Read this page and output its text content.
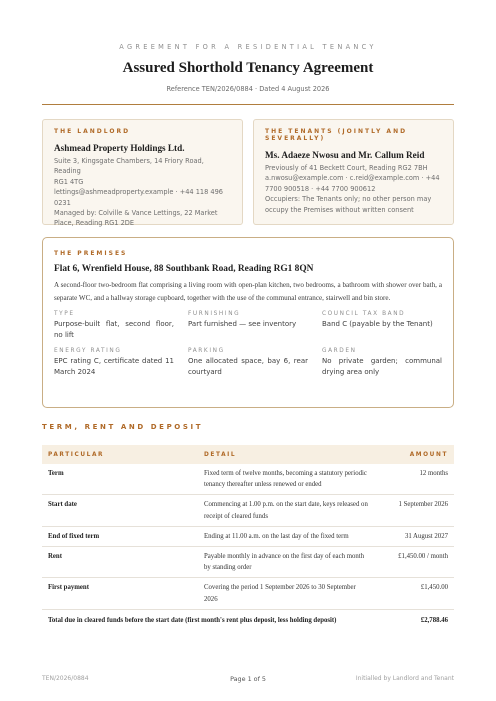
AGREEMENT FOR A RESIDENTIAL TENANCY
Assured Shorthold Tenancy Agreement
Reference TEN/2026/0884 · Dated 4 August 2026
THE LANDLORD
Ashmead Property Holdings Ltd.
Suite 3, Kingsgate Chambers, 14 Friory Road, Reading
RG1 4TG
lettings@ashmeadproperty.example · +44 118 496
0231
Managed by: Colville & Vance Lettings, 22 Market
Place, Reading RG1 2DE
THE TENANTS (JOINTLY AND SEVERALLY)
Ms. Adaeze Nwosu and Mr. Callum Reid
Previously of 41 Beckett Court, Reading RG2 7BH
a.nwosu@example.com · c.reid@example.com · +44
7700 900518 · +44 7700 900612
Occupiers: The Tenants only; no other person may
occupy the Premises without written consent
THE PREMISES
Flat 6, Wrenfield House, 88 Southbank Road, Reading RG1 8QN
A second-floor two-bedroom flat comprising a living room with open-plan kitchen, two bedrooms, a bathroom with shower over bath, a separate WC, and a hallway storage cupboard, together with the use of the communal entrance, stairwell and bin store.
TYPE
Purpose-built flat, second floor, no lift
FURNISHING
Part furnished — see inventory
COUNCIL TAX BAND
Band C (payable by the Tenant)
ENERGY RATING
EPC rating C, certificate dated 11 March 2024
PARKING
One allocated space, bay 6, rear courtyard
GARDEN
No private garden; communal drying area only
TERM, RENT AND DEPOSIT
PARTICULAR	DETAIL	AMOUNT
Term	Fixed term of twelve months, becoming a statutory periodic tenancy thereafter unless renewed or ended	12 months
Start date	Commencing at 1.00 p.m. on the start date, keys released on receipt of cleared funds	1 September 2026
End of fixed term	Ending at 11.00 a.m. on the last day of the fixed term	31 August 2027
Rent	Payable monthly in advance on the first day of each month by standing order	£1,450.00 / month
First payment	Covering the period 1 September 2026 to 30 September 2026	£1,450.00
Total due in cleared funds before the start date (first month's rent plus deposit, less holding deposit)		£2,788.46
TEN/2026/0884	Page 1 of 5	Initialled by Landlord and Tenant
